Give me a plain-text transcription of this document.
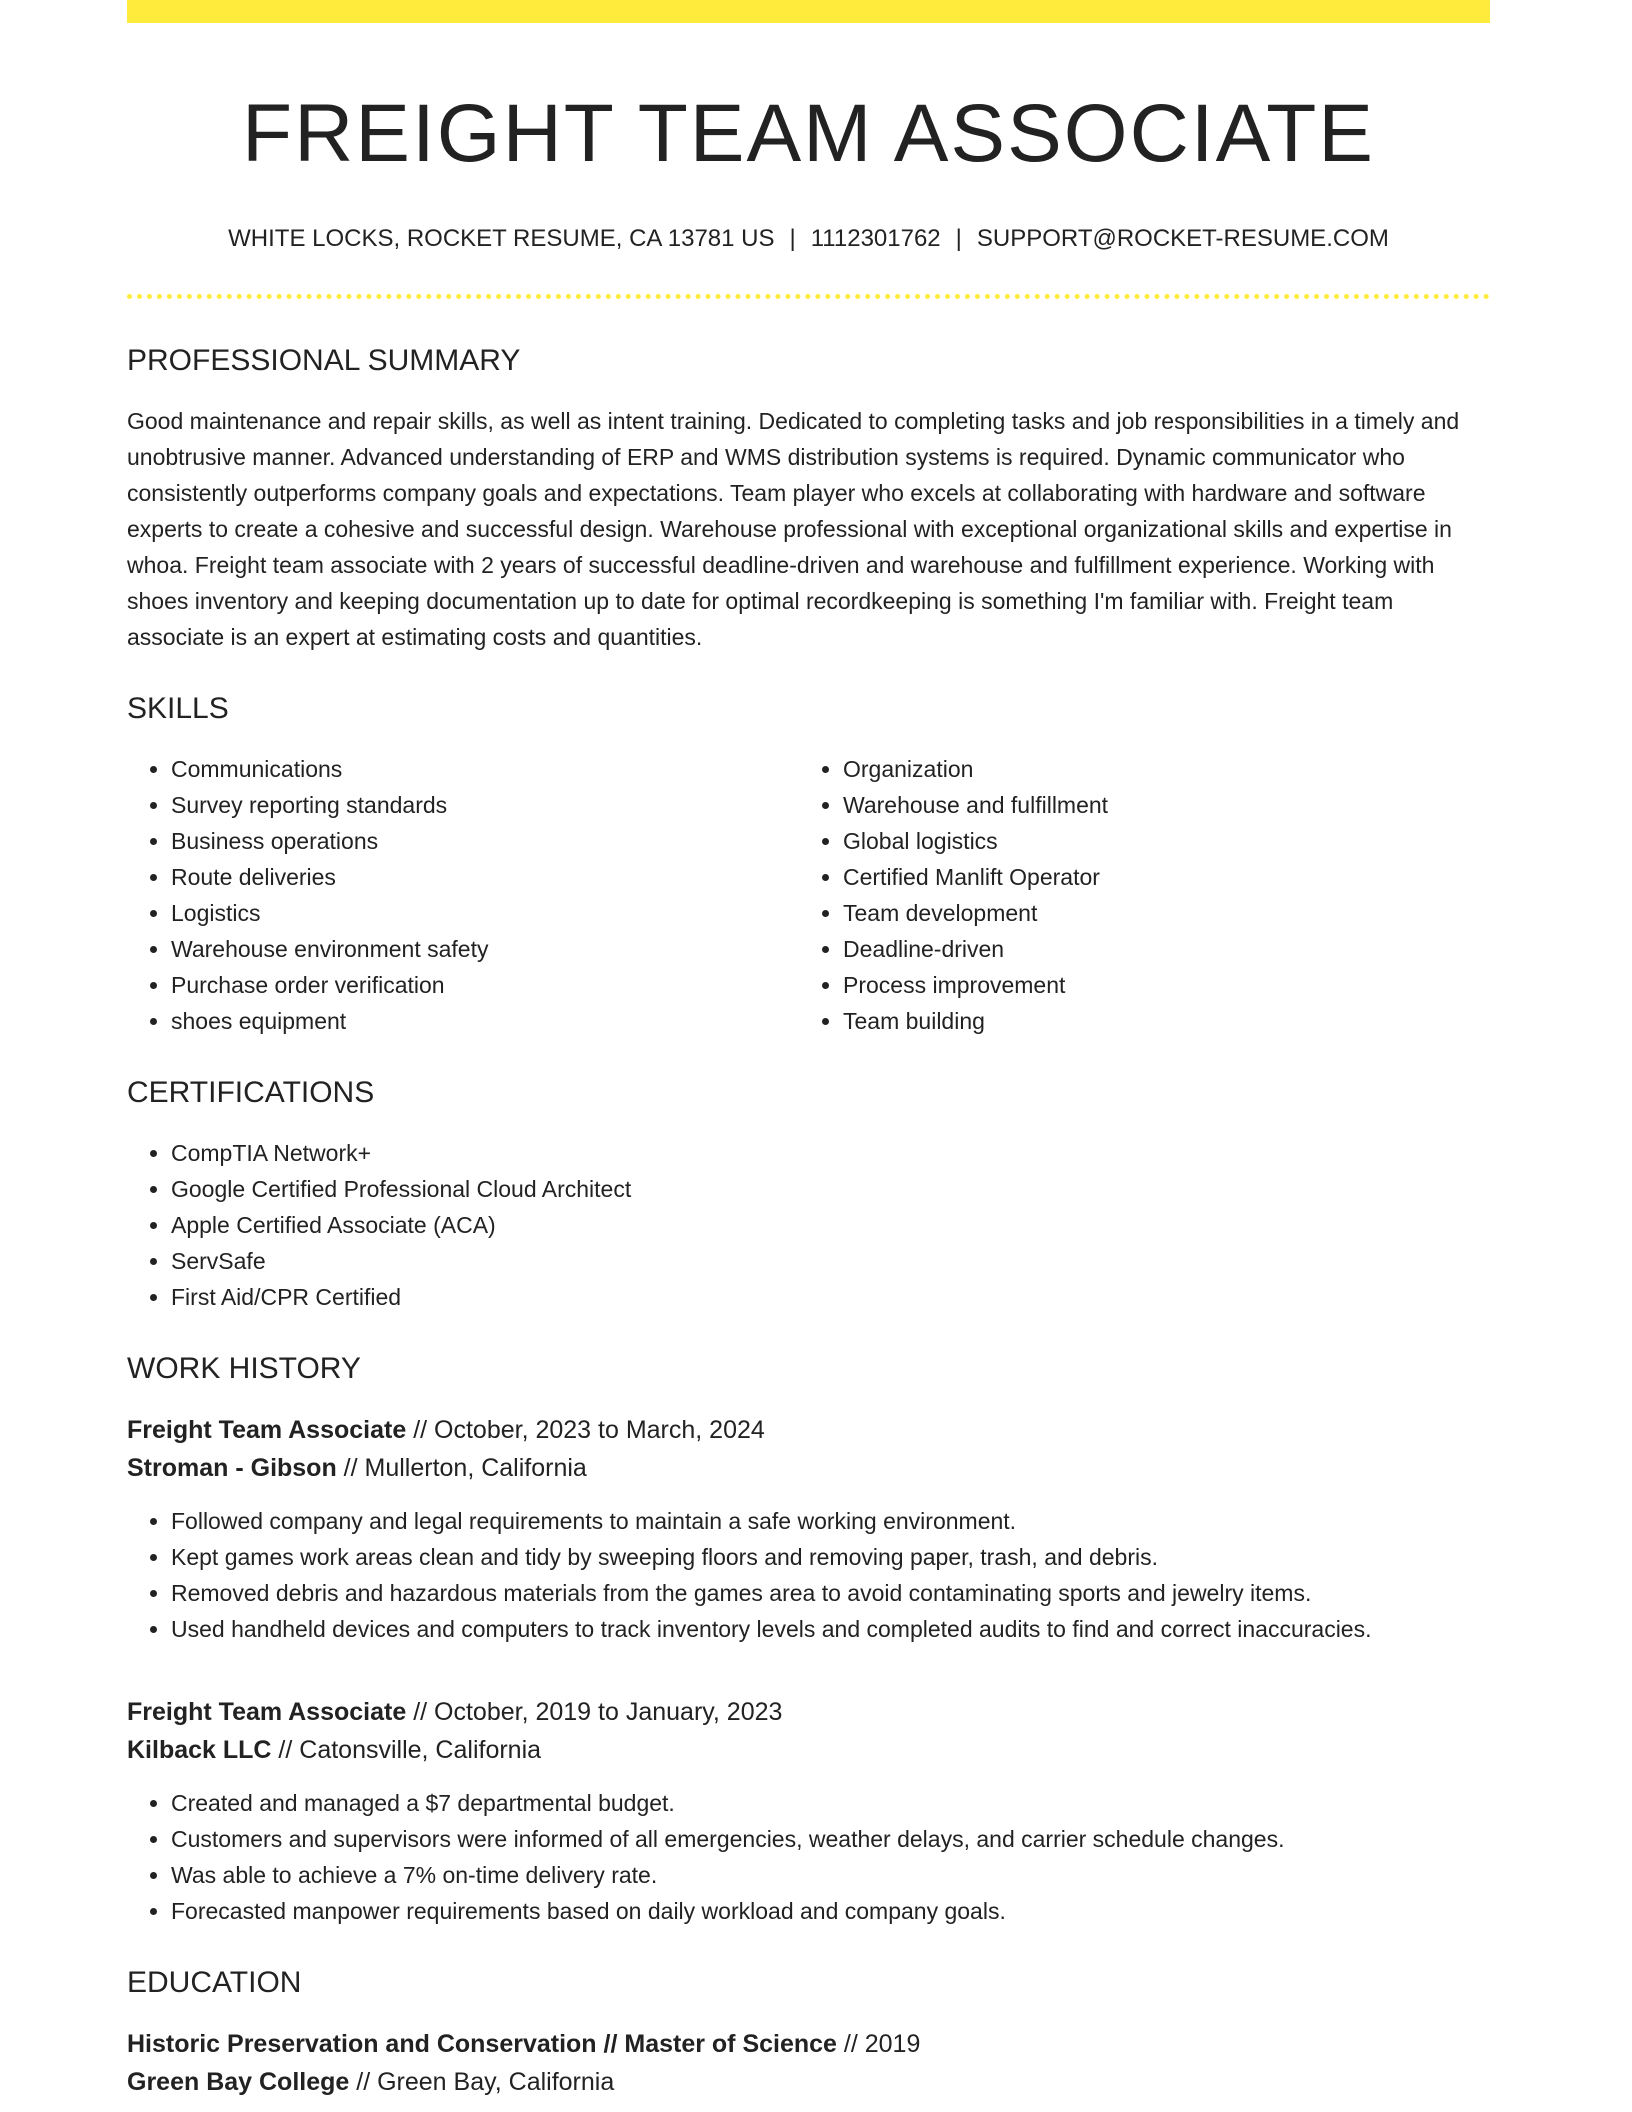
FREIGHT TEAM ASSOCIATE
WHITE LOCKS, ROCKET RESUME, CA 13781 US | 1112301762 | SUPPORT@ROCKET-RESUME.COM
PROFESSIONAL SUMMARY

Good maintenance and repair skills, as well as intent training. Dedicated to completing tasks and job responsibilities in a timely and unobtrusive manner. Advanced understanding of ERP and WMS distribution systems is required. Dynamic communicator who consistently outperforms company goals and expectations. Team player who excels at collaborating with hardware and software experts to create a cohesive and successful design. Warehouse professional with exceptional organizational skills and expertise in whoa. Freight team associate with 2 years of successful deadline-driven and warehouse and fulfillment experience. Working with shoes inventory and keeping documentation up to date for optimal recordkeeping is something I'm familiar with. Freight team associate is an expert at estimating costs and quantities.

SKILLS
• Communications
• Survey reporting standards
• Business operations
• Route deliveries
• Logistics
• Warehouse environment safety
• Purchase order verification
• shoes equipment
• Organization
• Warehouse and fulfillment
• Global logistics
• Certified Manlift Operator
• Team development
• Deadline-driven
• Process improvement
• Team building
CERTIFICATIONS
• CompTIA Network+
• Google Certified Professional Cloud Architect
• Apple Certified Associate (ACA)
• ServSafe
• First Aid/CPR Certified
WORK HISTORY
Freight Team Associate // October, 2023 to March, 2024
Stroman - Gibson // Mullerton, California
• Followed company and legal requirements to maintain a safe working environment.
• Kept games work areas clean and tidy by sweeping floors and removing paper, trash, and debris.
• Removed debris and hazardous materials from the games area to avoid contaminating sports and jewelry items.
• Used handheld devices and computers to track inventory levels and completed audits to find and correct inaccuracies.
Freight Team Associate // October, 2019 to January, 2023
Kilback LLC // Catonsville, California
• Created and managed a $7 departmental budget.
• Customers and supervisors were informed of all emergencies, weather delays, and carrier schedule changes.
• Was able to achieve a 7% on-time delivery rate.
• Forecasted manpower requirements based on daily workload and company goals.
EDUCATION
Historic Preservation and Conservation // Master of Science // 2019
Green Bay College // Green Bay, California
